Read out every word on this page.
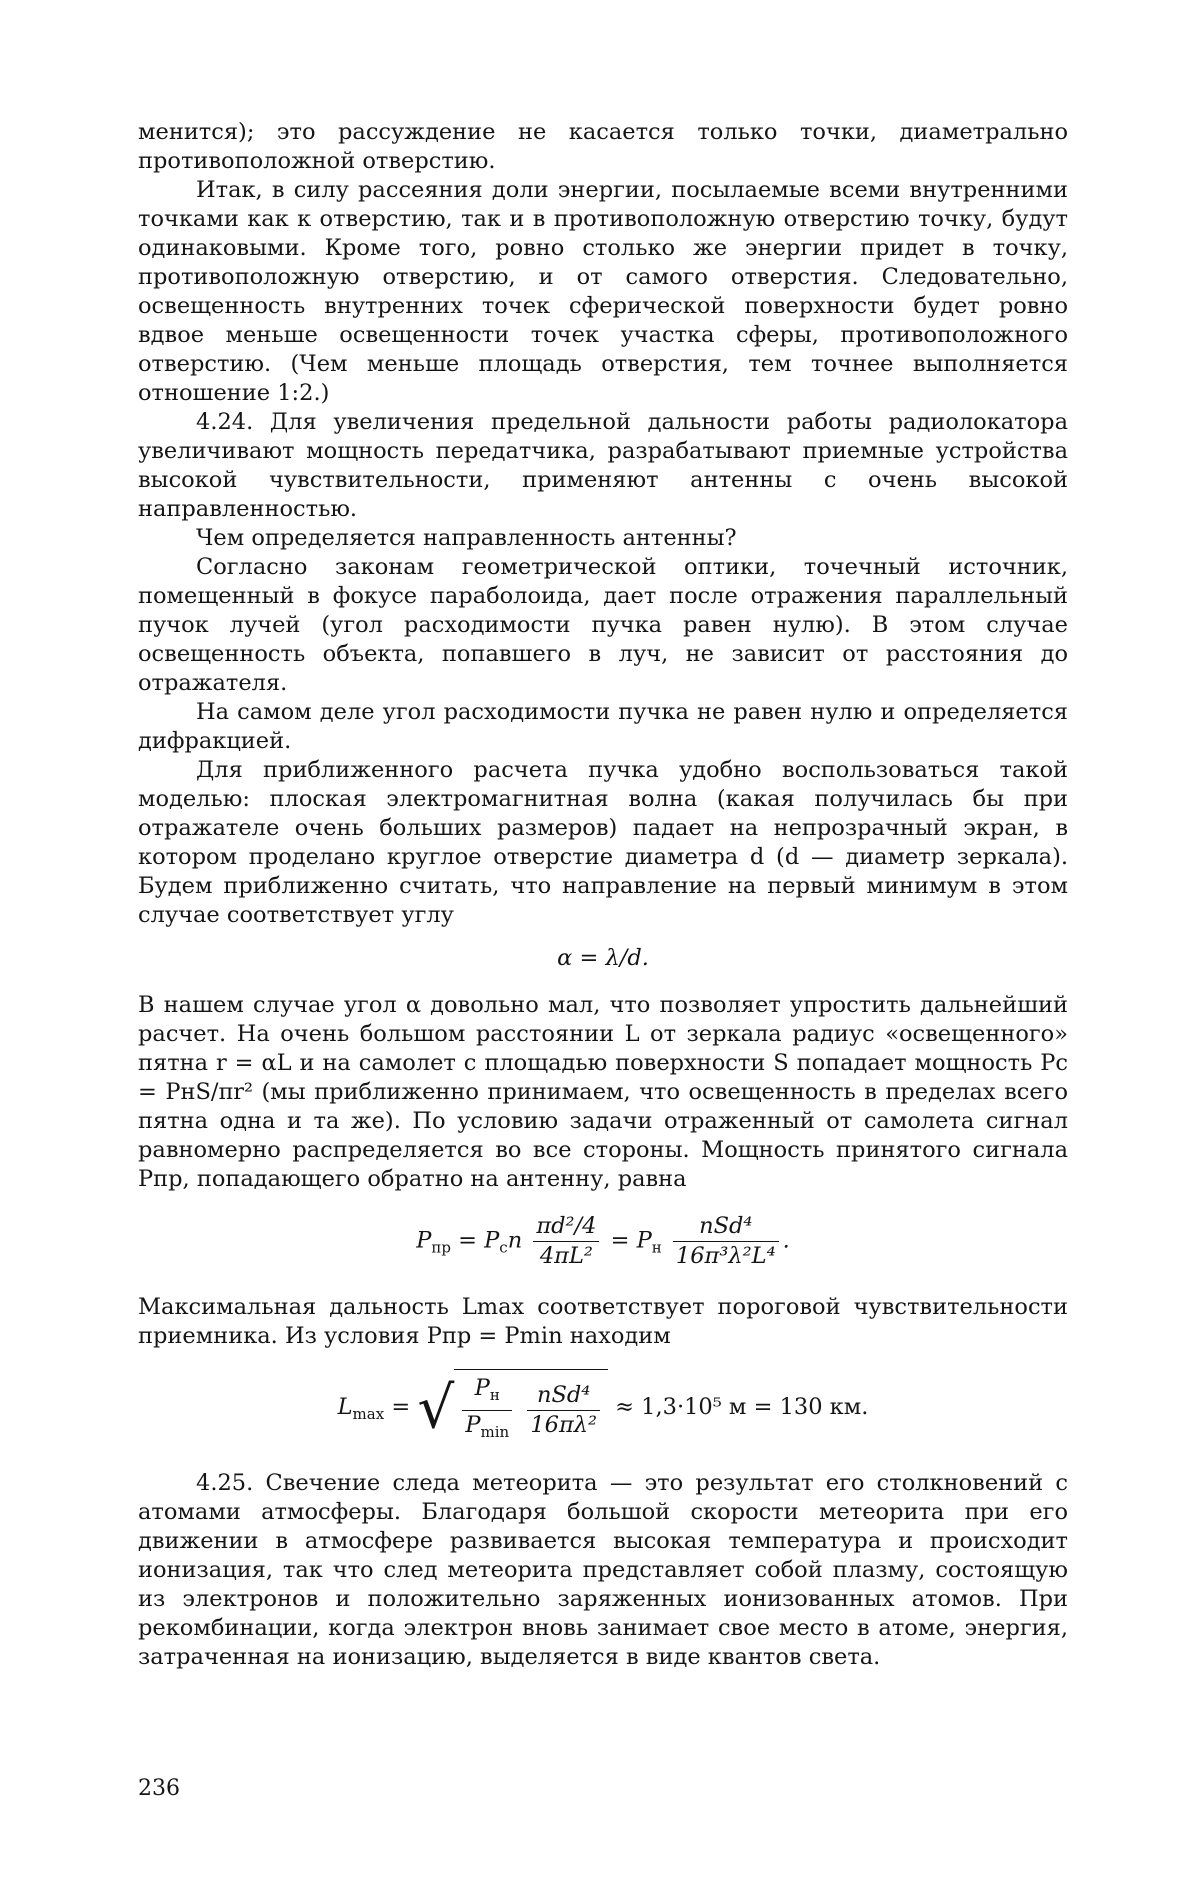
менится); это рассуждение не касается только точки, диаметрально противоположной отверстию.

Итак, в силу рассеяния доли энергии, посылаемые всеми внутренними точками как к отверстию, так и в противоположную отверстию точку, будут одинаковыми. Кроме того, ровно столько же энергии придет в точку, противоположную отверстию, и от самого отверстия. Следовательно, освещенность внутренних точек сферической поверхности будет ровно вдвое меньше освещенности точек участка сферы, противоположного отверстию. (Чем меньше площадь отверстия, тем точнее выполняется отношение 1:2.)

4.24. Для увеличения предельной дальности работы радиолокатора увеличивают мощность передатчика, разрабатывают приемные устройства высокой чувствительности, применяют антенны с очень высокой направленностью.

Чем определяется направленность антенны?

Согласно законам геометрической оптики, точечный источник, помещенный в фокусе параболоида, дает после отражения параллельный пучок лучей (угол расходимости пучка равен нулю). В этом случае освещенность объекта, попавшего в луч, не зависит от расстояния до отражателя.

На самом деле угол расходимости пучка не равен нулю и определяется дифракцией.

Для приближенного расчета пучка удобно воспользоваться такой моделью: плоская электромагнитная волна (какая получилась бы при отражателе очень больших размеров) падает на непрозрачный экран, в котором проделано круглое отверстие диаметра d (d — диаметр зеркала). Будем приближенно считать, что направление на первый минимум в этом случае соответствует углу

α = λ/d.

В нашем случае угол α довольно мал, что позволяет упростить дальнейший расчет. На очень большом расстоянии L от зеркала радиус «освещенного» пятна r = αL и на самолет с площадью поверхности S попадает мощность Pc = PнS/πr² (мы приближенно принимаем, что освещенность в пределах всего пятна одна и та же). По условию задачи отраженный от самолета сигнал равномерно распределяется во все стороны. Мощность принятого сигнала Pпр, попадающего обратно на антенну, равна

Pпр = Pcn
πd²/4
4πL²
= Pн
nSd⁴
16π³λ²L⁴
.

Максимальная дальность Lmax соответствует пороговой чувствительности приемника. Из условия Pпр = Pmin находим

Lmax = √ Pн
Pmin

nSd⁴
16πλ²
≈ 1,3·10⁵ м = 130 км.

4.25. Свечение следа метеорита — это результат его столкновений с атомами атмосферы. Благодаря большой скорости метеорита при его движении в атмосфере развивается высокая температура и происходит ионизация, так что след метеорита представляет собой плазму, состоящую из электронов и положительно заряженных ионизованных атомов. При рекомбинации, когда электрон вновь занимает свое место в атоме, энергия, затраченная на ионизацию, выделяется в виде квантов света.

236
